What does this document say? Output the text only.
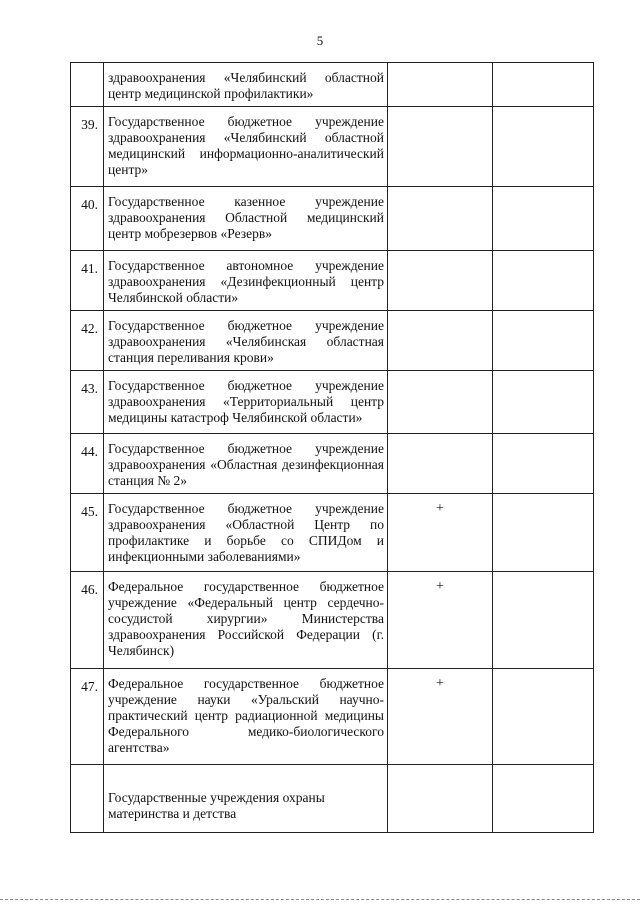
5
	здравоохранения «Челябинский областной центр медицинской профилактики»		
39.	Государственное бюджетное учреждение здравоохранения «Челябинский областной медицинский информационно-аналитический центр»		
40.	Государственное казенное учреждение здравоохранения Областной медицинский центр мобрезервов «Резерв»		
41.	Государственное автономное учреждение здравоохранения «Дезинфекционный центр Челябинской области»		
42.	Государственное бюджетное учреждение здравоохранения «Челябинская областная станция переливания крови»		
43.	Государственное бюджетное учреждение здравоохранения «Территориальный центр медицины катастроф Челябинской области»		
44.	Государственное бюджетное учреждение здравоохранения «Областная дезинфекционная станция № 2»		
45.	Государственное бюджетное учреждение здравоохранения «Областной Центр по профилактике и борьбе со СПИДом и инфекционными заболеваниями»	+	
46.	Федеральное государственное бюджетное учреждение «Федеральный центр сердечно-сосудистой хирургии» Министерства здравоохранения Российской Федерации (г. Челябинск)	+	
47.	Федеральное государственное бюджетное учреждение науки «Уральский научно-практический центр радиационной медицины Федерального медико-биологического агентства»	+	
	Государственные учреждения охраны материнства и детства		
